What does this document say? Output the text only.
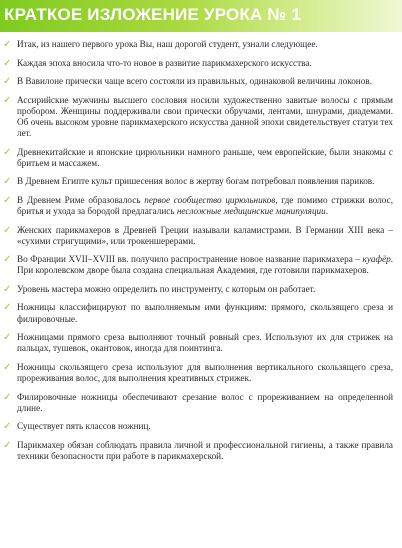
КРАТКОЕ ИЗЛОЖЕНИЕ УРОКА № 1
✓ Итак, из нашего первого урока Вы, наш дорогой студент, узнали следующее.
✓ Каждая эпоха вносила что-то новое в развитие парикмахерского искусства.
✓ В Вавилоне прически чаще всего состояли из правильных, одинаковой величины локонов.
✓ Ассирийские мужчины высшего сословия носили художественно завитые волосы с прямым пробором. Женщины поддерживали свои прически обручами, лентами, шнурами, диадемами. Об очень высоком уровне парикмахерского искусства данной эпохи свидетельствует статуи тех лет.
✓ Древнекитайские и японские цирюльники намного раньше, чем европейские, были знакомы с бритьем и массажем.
✓ В Древнем Египте культ пришесения волос в жертву богам потребовал появления париков.
✓ В Древнем Риме образовалось первое сообщество цирюльников, где помимо стрижки волос, бритья и ухода за бородой предлагались несложные медицинские манипуляции.
✓ Женских парикмахеров в Древней Греции называли каламистрами. В Германии XIII века – «сухими стригущими», или трокеншерерами.
✓ Во Франции XVII–XVIII вв. получило распространение новое название парикмахера – куафёр. При королевском дворе была создана специальная Академия, где готовили парикмахеров.
✓ Уровень мастера можно определить по инструменту, с которым он работает.
✓ Ножницы классифицируют по выполняемым ими функциям: прямого, скользящего среза и филировочные.
✓ Ножницами прямого среза выполняют точный ровный срез. Используют их для стрижек на пальцах, тушевок, окантовок, иногда для поинтинга.
✓ Ножницы скользящего среза используют для выполнения вертикального скользящего среза, прореживания волос, для выполнения креативных стрижек.
✓ Филировочные ножницы обеспечивают срезание волос с прореживанием на определенной длине.
✓ Существует пять классов ножниц.
✓ Парикмахер обязан соблюдать правила личной и профессиональной гигиены, а также правила техники безопасности при работе в парикмахерской.
